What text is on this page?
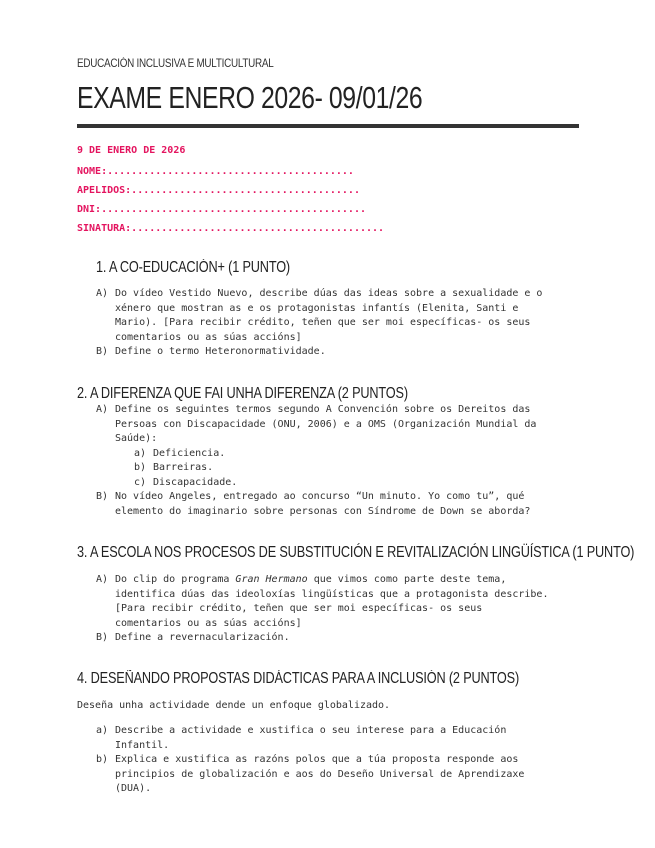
EDUCACIÓN INCLUSIVA E MULTICULTURAL
EXAME ENERO 2026- 09/01/26
9 DE ENERO DE 2026
NOME:.........................................
APELIDOS:......................................
DNI:............................................
SINATURA:..........................................
1. A CO-EDUCACIÓN+ (1 PUNTO)
A) Do vídeo Vestido Nuevo, describe dúas das ideas sobre a sexualidade e o
xénero que mostran as e os protagonistas infantís (Elenita, Santi e
Mario). [Para recibir crédito, teñen que ser moi específicas- os seus
comentarios ou as súas accións]
B) Define o termo Heteronormatividade.
2. A DIFERENZA QUE FAI UNHA DIFERENZA (2 PUNTOS)
A) Define os seguintes termos segundo A Convención sobre os Dereitos das
Persoas con Discapacidade (ONU, 2006) e a OMS (Organización Mundial da
Saúde):
a) Deficiencia.
b) Barreiras.
c) Discapacidade.
B) No vídeo Angeles, entregado ao concurso “Un minuto. Yo como tu”, qué
elemento do imaginario sobre personas con Síndrome de Down se aborda?
3. A ESCOLA NOS PROCESOS DE SUBSTITUCIÓN E REVITALIZACIÓN LINGÜÍSTICA (1 PUNTO)
A) Do clip do programa Gran Hermano que vimos como parte deste tema,
identifica dúas das ideoloxías lingüísticas que a protagonista describe.
[Para recibir crédito, teñen que ser moi específicas- os seus
comentarios ou as súas accións]
B) Define a revernacularización.
4. DESEÑANDO PROPOSTAS DIDÁCTICAS PARA A INCLUSIÓN (2 PUNTOS)
Deseña unha actividade dende un enfoque globalizado.
a) Describe a actividade e xustifica o seu interese para a Educación
Infantil.
b) Explica e xustifica as razóns polos que a túa proposta responde aos
principios de globalización e aos do Deseño Universal de Aprendizaxe
(DUA).
